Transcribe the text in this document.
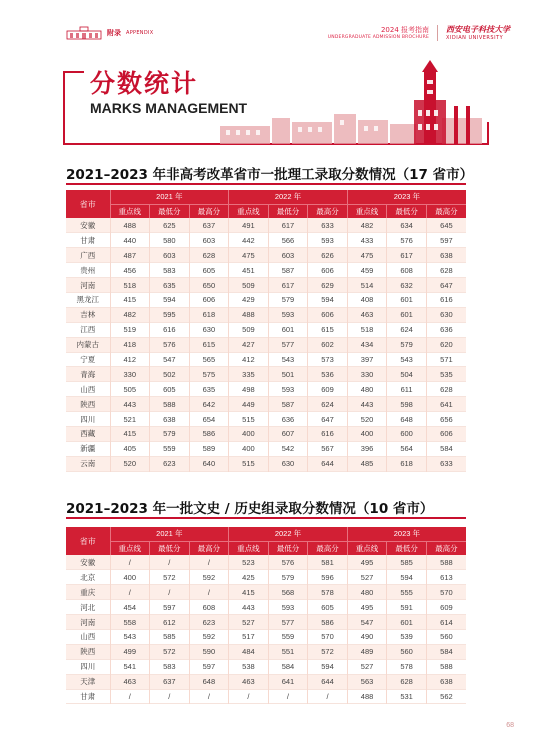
附录 APPENDIX	2024 报考指南
UNDERGRADUATE ADMISSION BROCHURE
西安电子科技大学
XIDIAN UNIVERSITY
分数统计
MARKS MANAGEMENT
2021–2023 年非高考改革省市一批理工录取分数情况（17 省市）
省市	2021 年			2022 年			2023 年		
	重点线	最低分	最高分	重点线	最低分	最高分	重点线	最低分	最高分
安徽	488	625	637	491	617	633	482	634	645
甘肃	440	580	603	442	566	593	433	576	597
广西	487	603	628	475	603	626	475	617	638
贵州	456	583	605	451	587	606	459	608	628
河南	518	635	650	509	617	629	514	632	647
黑龙江	415	594	606	429	579	594	408	601	616
吉林	482	595	618	488	593	606	463	601	630
江西	519	616	630	509	601	615	518	624	636
内蒙古	418	576	615	427	577	602	434	579	620
宁夏	412	547	565	412	543	573	397	543	571
青海	330	502	575	335	501	536	330	504	535
山西	505	605	635	498	593	609	480	611	628
陕西	443	588	642	449	587	624	443	598	641
四川	521	638	654	515	636	647	520	648	656
西藏	415	579	586	400	607	616	400	600	606
新疆	405	559	589	400	542	567	396	564	584
云南	520	623	640	515	630	644	485	618	633
2021–2023 年一批文史 / 历史组录取分数情况（10 省市）
省市	2021 年			2022 年			2023 年		
	重点线	最低分	最高分	重点线	最低分	最高分	重点线	最低分	最高分
安徽	/	/	/	523	576	581	495	585	588
北京	400	572	592	425	579	596	527	594	613
重庆	/	/	/	415	568	578	480	555	570
河北	454	597	608	443	593	605	495	591	609
河南	558	612	623	527	577	586	547	601	614
山西	543	585	592	517	559	570	490	539	560
陕西	499	572	590	484	551	572	489	560	584
四川	541	583	597	538	584	594	527	578	588
天津	463	637	648	463	641	644	563	628	638
甘肃	/	/	/	/	/	/	488	531	562
68
